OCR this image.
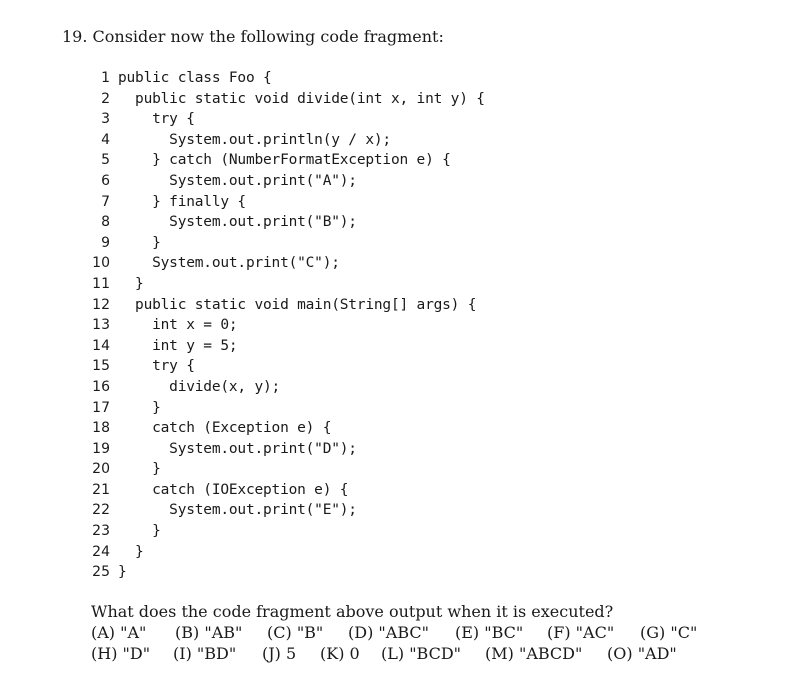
19. Consider now the following code fragment:
1 public class Foo {
2 public static void divide(int x, int y) {
3 try {
4 System.out.println(y / x);
5 } catch (NumberFormatException e) {
6 System.out.print("A");
7 } finally {
8 System.out.print("B");
9 }
10 System.out.print("C");
11 }
12 public static void main(String[] args) {
13 int x = 0;
14 int y = 5;
15 try {
16 divide(x, y);
17 }
18 catch (Exception e) {
19 System.out.print("D");
20 }
21 catch (IOException e) {
22 System.out.print("E");
23 }
24 }
25 }
What does the code fragment above output when it is executed?
(A) "A" (B) "AB" (C) "B" (D) "ABC" (E) "BC" (F) "AC" (G) "C"
(H) "D" (I) "BD" (J) 5 (K) 0 (L) "BCD" (M) "ABCD" (O) "AD"
